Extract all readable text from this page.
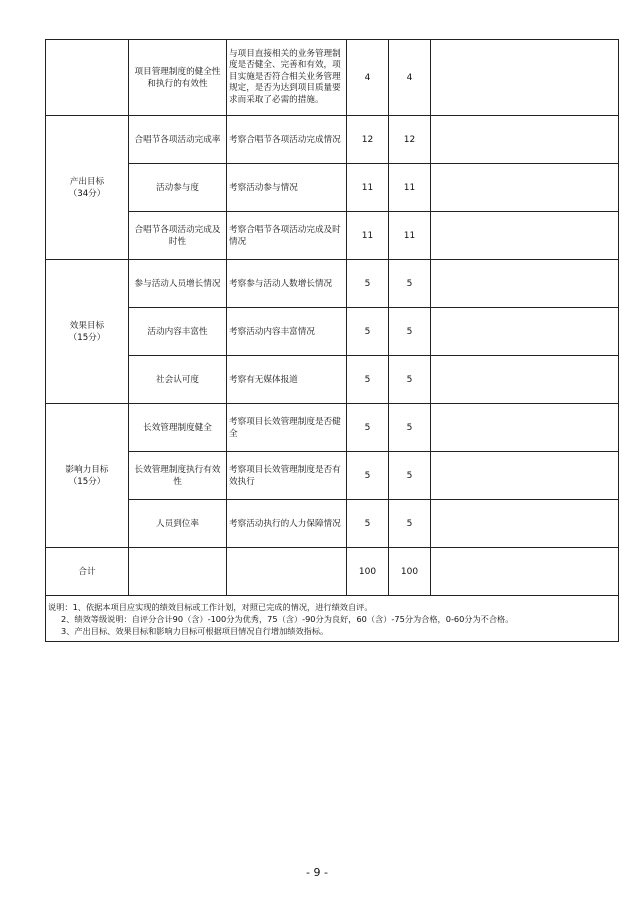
	项目管理制度的健全性和执行的有效性	与项目直接相关的业务管理制度是否健全、完善和有效，项目实施是否符合相关业务管理规定，是否为达到项目质量要求而采取了必需的措施。	4	4	

产出目标
（34分）	合唱节各项活动完成率	考察合唱节各项活动完成情况	12	12	
	活动参与度	考察活动参与情况	11	11	
	合唱节各项活动完成及时性	考察合唱节各项活动完成及时情况	11	11	

效果目标
（15分）	参与活动人员增长情况	考察参与活动人数增长情况	5	5	
	活动内容丰富性	考察活动内容丰富情况	5	5	
	社会认可度	考察有无媒体报道	5	5	

影响力目标
（15分）	长效管理制度健全	考察项目长效管理制度是否健全	5	5	
	长效管理制度执行有效性	考察项目长效管理制度是否有效执行	5	5	
	人员到位率	考察活动执行的人力保障情况	5	5	
合计			100	100	

说明：1、依据本项目应实现的绩效目标或工作计划，对照已完成的情况，进行绩效自评。
2、绩效等级说明：自评分合计90（含）-100分为优秀，75（含）-90分为良好，60（含）-75分为合格，0-60分为不合格。
3、产出目标、效果目标和影响力目标可根据项目情况自行增加绩效指标。					
- 9 -
